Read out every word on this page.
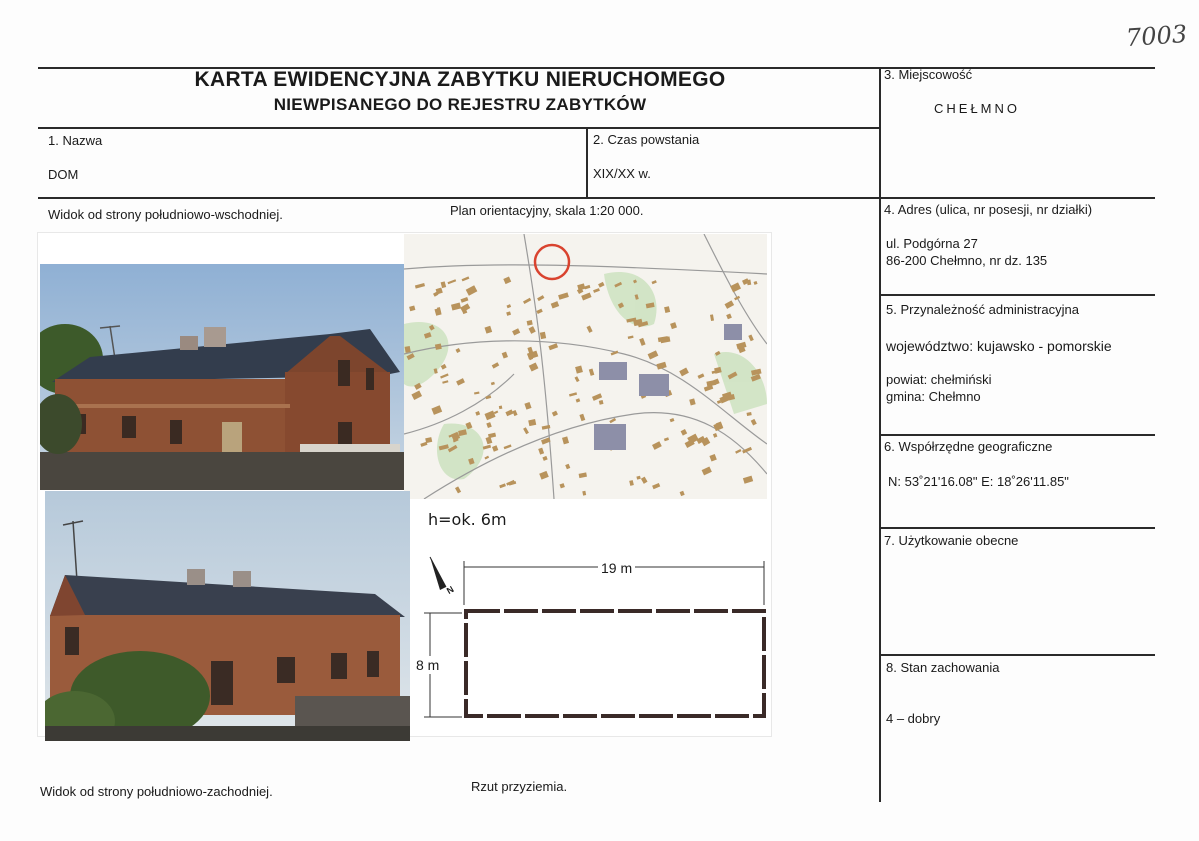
7003
KARTA EWIDENCYJNA ZABYTKU NIERUCHOMEGO
NIEWPISANEGO DO REJESTRU ZABYTKÓW
1. Nazwa
DOM
2. Czas powstania
XIX/XX w.
3. Miejscowość
CHEŁMNO
4. Adres (ulica, nr posesji, nr działki)
ul. Podgórna 27
86-200 Chełmno, nr dz. 135
5. Przynależność administracyjna
województwo: kujawsko - pomorskie
powiat: chełmiński
gmina: Chełmno
6. Współrzędne geograficzne
N: 53˚21'16.08" E: 18˚26'11.85"
7. Użytkowanie obecne
8. Stan zachowania
4 – dobry
Widok od strony południowo-wschodniej.	Plan orientacyjny, skala 1:20 000.
Widok od strony południowo-zachodniej.	Rzut przyziemia.
h=ok. 6m
N
19 m
8 m
